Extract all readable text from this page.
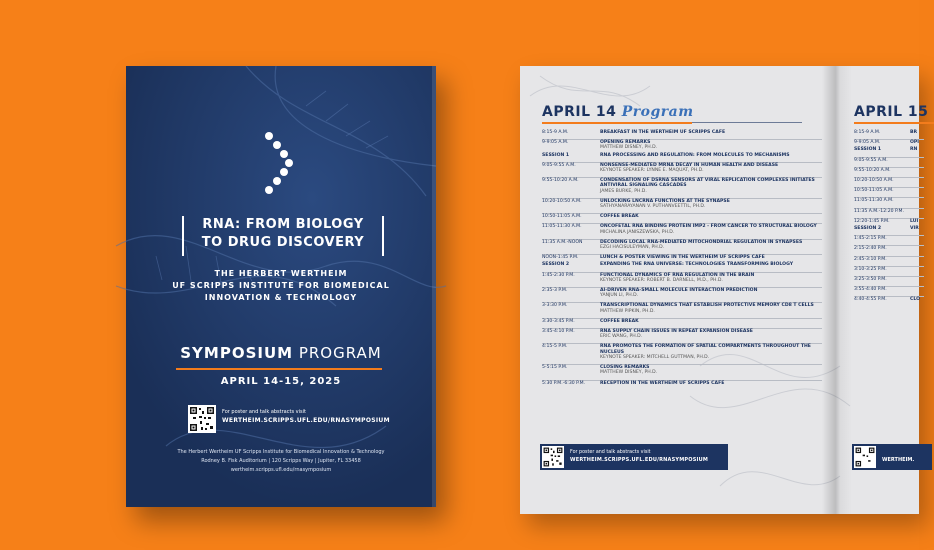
RNA: FROM BIOLOGY
TO DRUG DISCOVERY
THE HERBERT WERTHEIM
UF SCRIPPS INSTITUTE FOR BIOMEDICAL
INNOVATION & TECHNOLOGY
SYMPOSIUM PROGRAM
APRIL 14-15, 2025
For poster and talk abstracts visit
WERTHEIM.SCRIPPS.UFL.EDU/RNASYMPOSIUM
The Herbert Wertheim UF Scripps Institute for Biomedical Innovation & Technology
Rodney B. Fisk Auditorium | 120 Scripps Way | Jupiter, FL 33458
wertheim.scripps.ufl.edu/rnasymposium
APRIL 14 Program	APRIL 15
8:15-9 A.M.	BREAKFAST IN THE WERTHEIM UF SCRIPPS CAFE
9-9:05 A.M.	OPENING REMARKS
MATTHEW DISNEY, PH.D.
SESSION 1	RNA PROCESSING AND REGULATION: FROM MOLECULES TO MECHANISMS
9:05-9:55 A.M.	NONSENSE-MEDIATED MRNA DECAY IN HUMAN HEALTH AND DISEASE
KEYNOTE SPEAKER: LYNNE E. MAQUAT, PH.D.
9:55-10:20 A.M.	CONDENSATION OF DSRNA SENSORS AT VIRAL REPLICATION COMPLEXES INITIATES ANTIVIRAL SIGNALING CASCADES
JAMES BURKE, PH.D.
10:20-10:50 A.M.	UNLOCKING LNCRNA FUNCTIONS AT THE SYNAPSE
SATHYANARAYANAN V. PUTHANVEETTIL, PH.D.
10:50-11:05 A.M.	COFFEE BREAK
11:05-11:30 A.M.	ONCOFETAL RNA BINDING PROTEIN IMP2 - FROM CANCER TO STRUCTURAL BIOLOGY
MICHALINA JANISZEWSKA, PH.D.
11:35 A.M.-NOON	DECODING LOCAL RNA-MEDIATED MITOCHONDRIAL REGULATION IN SYNAPSES
EZGI HACISULEYMAN, PH.D.
NOON-1:45 P.M.	LUNCH & POSTER VIEWING IN THE WERTHEIM UF SCRIPPS CAFE
SESSION 2	EXPANDING THE RNA UNIVERSE: TECHNOLOGIES TRANSFORMING BIOLOGY
1:45-2:30 P.M.	FUNCTIONAL DYNAMICS OF RNA REGULATION IN THE BRAIN
KEYNOTE SPEAKER: ROBERT B. DARNELL, M.D., PH.D.
2:35-3 P.M.	AI-DRIVEN RNA-SMALL MOLECULE INTERACTION PREDICTION
YANJUN LI, PH.D.
3-3:30 P.M.	TRANSCRIPTIONAL DYNAMICS THAT ESTABLISH PROTECTIVE MEMORY CD8 T CELLS
MATTHEW PIPKIN, PH.D.
3:30-3:45 P.M.	COFFEE BREAK
3:45-4:10 P.M.	RNA SUPPLY CHAIN ISSUES IN REPEAT EXPANSION DISEASE
ERIC WANG, PH.D.
4:15-5 P.M.	RNA PROMOTES THE FORMATION OF SPATIAL COMPARTMENTS THROUGHOUT THE NUCLEUS
KEYNOTE SPEAKER: MITCHELL GUTTMAN, PH.D.
5-5:15 P.M.	CLOSING REMARKS
MATTHEW DISNEY, PH.D.
5:30 P.M.-6:30 P.M.	RECEPTION IN THE WERTHEIM UF SCRIPPS CAFE
8:15-9 A.M.	BR
9-9:05 A.M.	OPI
SESSION 1	RN
9:05-9:55 A.M.
9:55-10:20 A.M.
10:20-10:50 A.M.
10:50-11:05 A.M.
11:05-11:30 A.M.
11:35 A.M.-12:20 P.M.
12:20-1:45 P.M.	LUI
SESSION 2	VIR
1:45-2:15 P.M.
2:15-2:40 P.M.
2:45-3:10 P.M.
3:10-3:25 P.M.
3:25-3:50 P.M.
3:55-4:40 P.M.
4:40-4:55 P.M.	CLO
For poster and talk abstracts visit
WERTHEIM.SCRIPPS.UFL.EDU/RNASYMPOSIUM	WERTHEIM.
